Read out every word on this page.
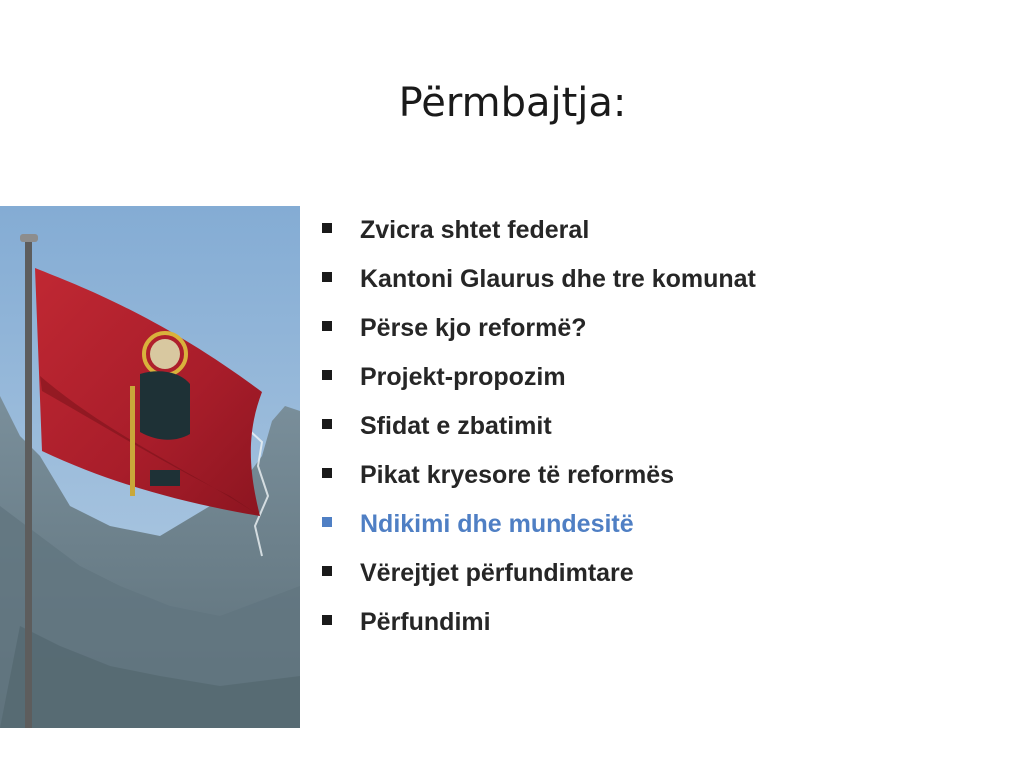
Përmbajtja:
Zvicra shtet federal
Kantoni Glaurus dhe tre komunat
Përse kjo reformë?
Projekt-propozim
Sfidat e zbatimit
Pikat kryesore të reformës
Ndikimi dhe mundesitë
Vërejtjet përfundimtare
Përfundimi
